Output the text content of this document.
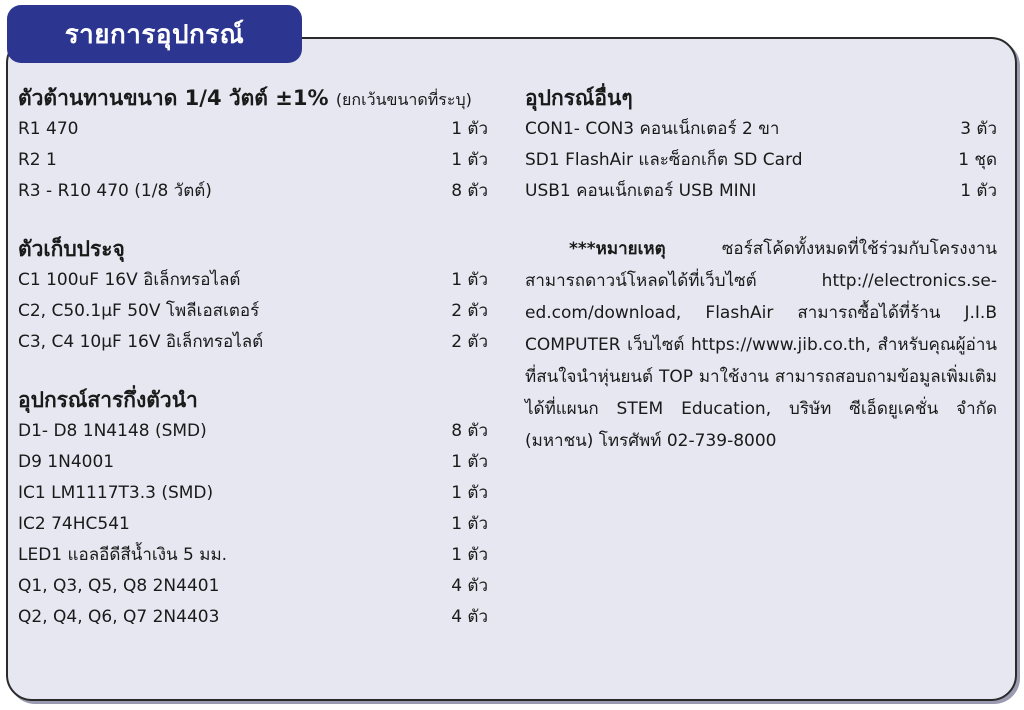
รายการอุปกรณ์
ตัวต้านทานขนาด 1/4 วัตต์ ±1% (ยกเว้นขนาดที่ระบุ)
R1 470	1 ตัว
R2 1	1 ตัว
R3 - R10 470 (1/8 วัตต์)	8 ตัว
ตัวเก็บประจุ
C1 100uF 16V อิเล็กทรอไลต์	1 ตัว
C2, C50.1µF 50V โพลีเอสเตอร์	2 ตัว
C3, C4 10µF 16V อิเล็กทรอไลต์	2 ตัว
อุปกรณ์สารกึ่งตัวนำ
D1- D8 1N4148 (SMD)	8 ตัว
D9 1N4001	1 ตัว
IC1 LM1117T3.3 (SMD)	1 ตัว
IC2 74HC541	1 ตัว
LED1 แอลอีดีสีน้ำเงิน 5 มม.	1 ตัว
Q1, Q3, Q5, Q8 2N4401	4 ตัว
Q2, Q4, Q6, Q7 2N4403	4 ตัว
อุปกรณ์อื่นๆ
CON1- CON3 คอนเน็กเตอร์ 2 ขา	3 ตัว
SD1 FlashAir และซ็อกเก็ต SD Card	1 ชุด
USB1 คอนเน็กเตอร์ USB MINI	1 ตัว
***หมายเหตุ ซอร์สโค้ดทั้งหมดที่ใช้ร่วมกับโครงงานสามารถดาวน์โหลดได้ที่เว็บไซต์ http://electronics.se-ed.com/download, FlashAir สามารถซื้อได้ที่ร้าน J.I.B COMPUTER เว็บไซต์ https://www.jib.co.th, สำหรับคุณผู้อ่านที่สนใจนำหุ่นยนต์ TOP มาใช้งาน สามารถสอบถามข้อมูลเพิ่มเติมได้ที่แผนก STEM Education, บริษัท ซีเอ็ดยูเคชั่น จำกัด (มหาชน) โทรศัพท์ 02-739-8000
